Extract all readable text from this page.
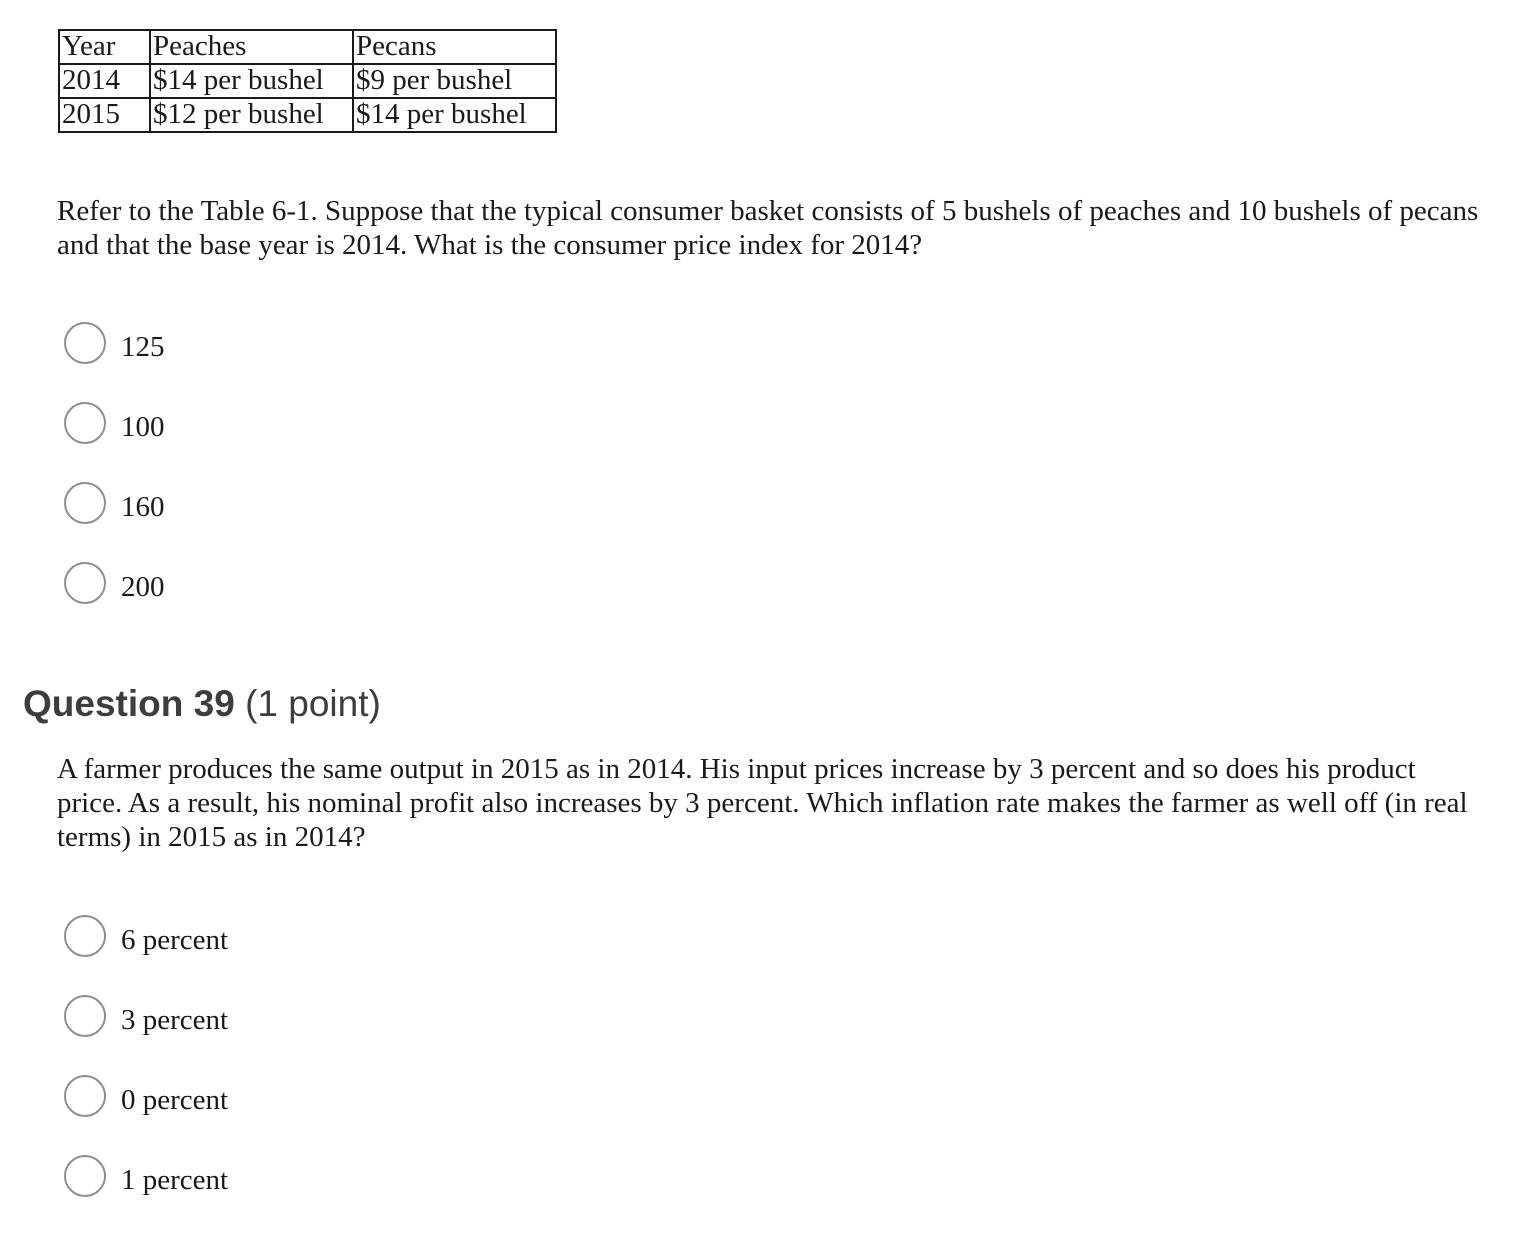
Year	Peaches	Pecans
2014	$14 per bushel	$9 per bushel
2015	$12 per bushel	$14 per bushel

Refer to the Table 6-1. Suppose that the typical consumer basket consists of 5 bushels of peaches and 10 bushels of pecans and that the base year is 2014. What is the consumer price index for 2014?

125
100
160
200
Question 39 (1 point)

A farmer produces the same output in 2015 as in 2014. His input prices increase by 3 percent and so does his product price. As a result, his nominal profit also increases by 3 percent. Which inflation rate makes the farmer as well off (in real terms) in 2015 as in 2014?

6 percent
3 percent
0 percent
1 percent
